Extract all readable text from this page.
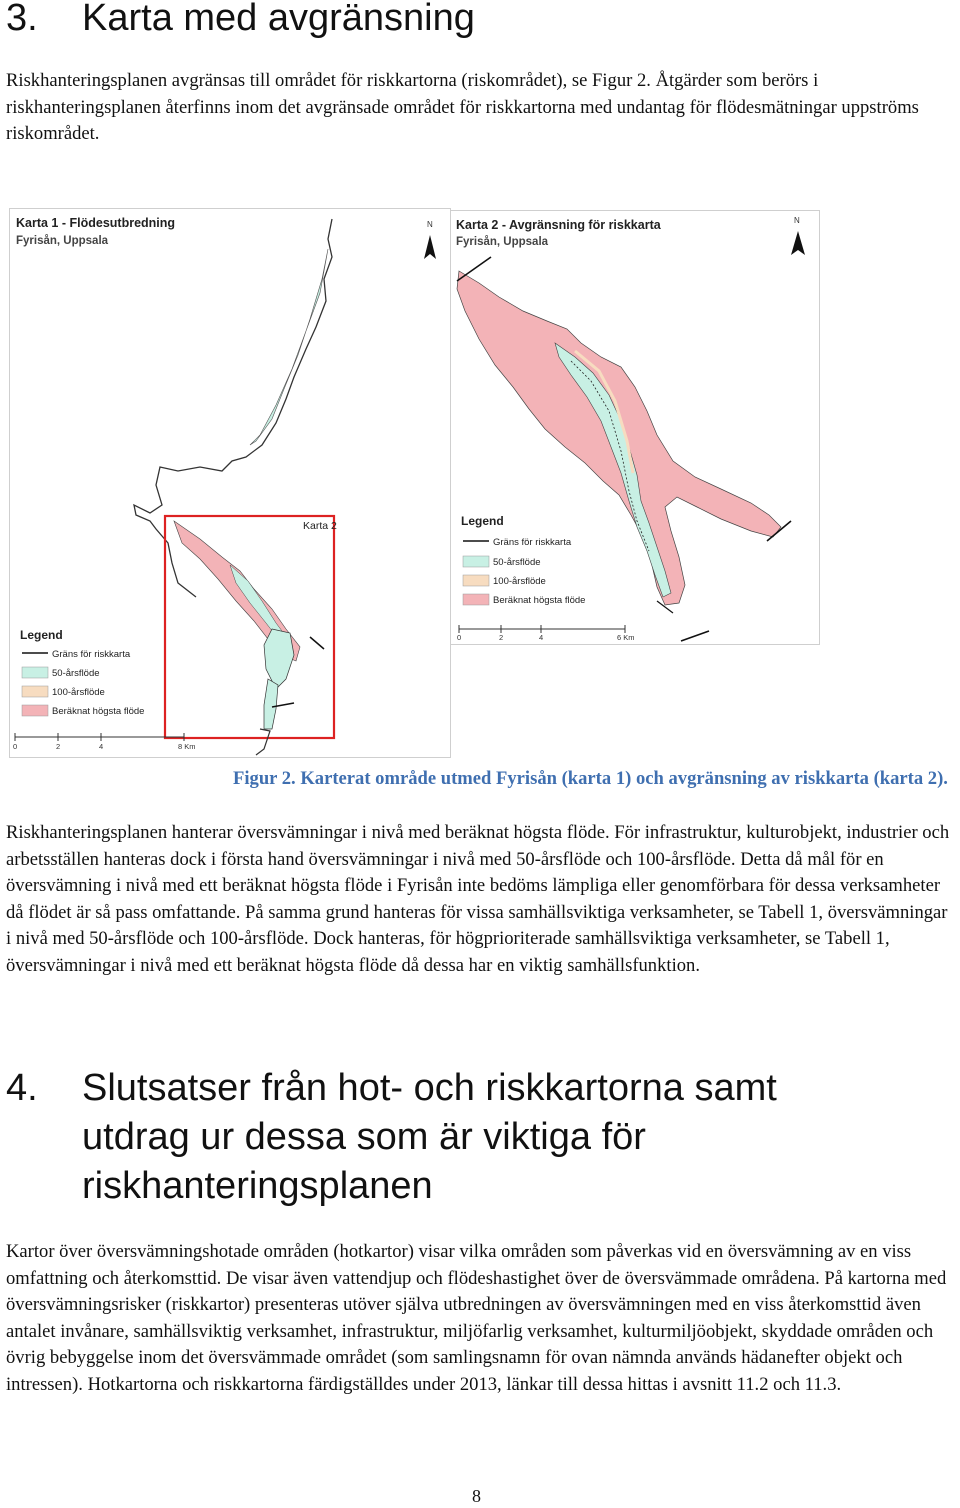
3. Karta med avgränsning

Riskhanteringsplanen avgränsas till området för riskkartorna (riskområdet), se Figur 2. Åtgärder som berörs i riskhanteringsplanen återfinns inom det avgränsade området för riskkartorna med undantag för flödesmätningar uppströms riskområdet.

Karta 1 - Flödesutbredning
Fyrisån, Uppsala
N
Karta 2
Legend
Gräns för riskkarta
50-årsflöde
100-årsflöde
Beräknat högsta flöde
0	2	4	8 Km
Karta 2 - Avgränsning för riskkarta
Fyrisån, Uppsala
N
Legend
Gräns för riskkarta
50-årsflöde
100-årsflöde
Beräknat högsta flöde
0	2	4	6 Km
Figur 2. Karterat område utmed Fyrisån (karta 1) och avgränsning av riskkarta (karta 2).

Riskhanteringsplanen hanterar översvämningar i nivå med beräknat högsta flöde. För infrastruktur, kulturobjekt, industrier och arbetsställen hanteras dock i första hand översvämningar i nivå med 50-årsflöde och 100-årsflöde. Detta då mål för en översvämning i nivå med ett beräknat högsta flöde i Fyrisån inte bedöms lämpliga eller genomförbara för dessa verksamheter då flödet är så pass omfattande. På samma grund hanteras för vissa samhällsviktiga verksamheter, se Tabell 1, översvämningar i nivå med 50-årsflöde och 100-årsflöde. Dock hanteras, för högprioriterade samhällsviktiga verksamheter, se Tabell 1, översvämningar i nivå med ett beräknat högsta flöde då dessa har en viktig samhällsfunktion.

4. Slutsatser från hot- och riskkartorna samt
utdrag ur dessa som är viktiga för
riskhanteringsplanen

Kartor över översvämningshotade områden (hotkartor) visar vilka områden som påverkas vid en översvämning av en viss omfattning och återkomsttid. De visar även vattendjup och flödeshastighet över de översvämmade områdena. På kartorna med översvämningsrisker (riskkartor) presenteras utöver själva utbredningen av översvämningen med en viss återkomsttid även antalet invånare, samhällsviktig verksamhet, infrastruktur, miljöfarlig verksamhet, kulturmiljöobjekt, skyddade områden och övrig bebyggelse inom det översvämmade området (som samlingsnamn för ovan nämnda används hädanefter objekt och intressen). Hotkartorna och riskkartorna färdigställdes under 2013, länkar till dessa hittas i avsnitt 11.2 och 11.3.

8
